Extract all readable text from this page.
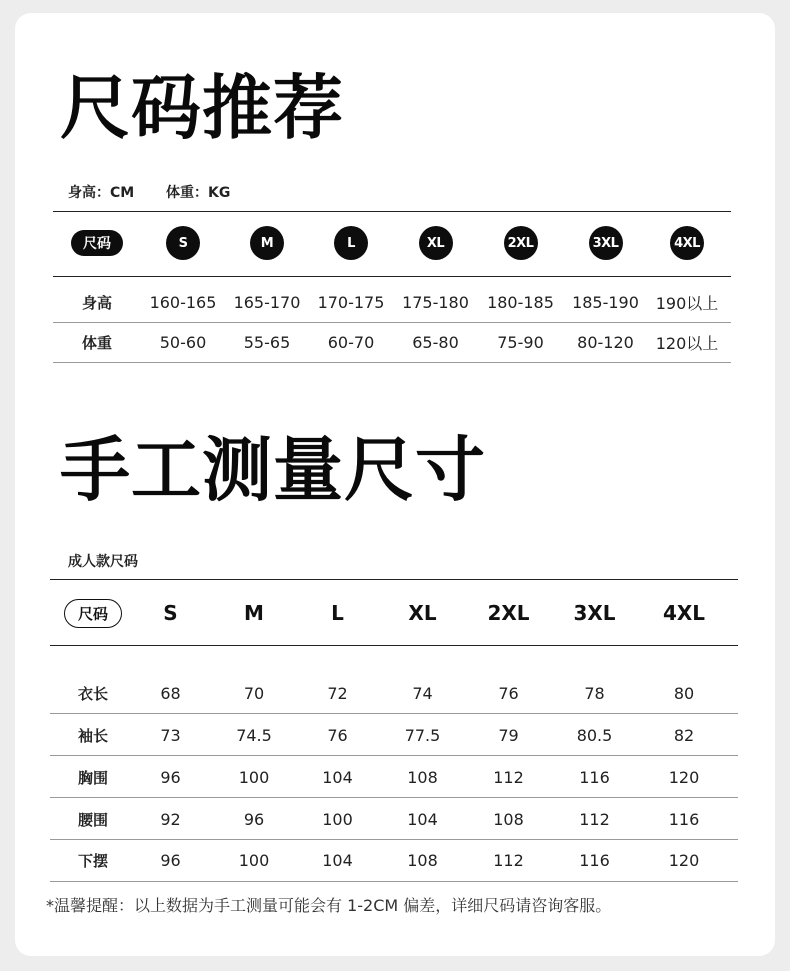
尺码推荐
身高：CM 体重：KG
尺码	S	M	L	XL	2XL	3XL	4XL
身高	160-165	165-170	170-175	175-180	180-185	185-190	190以上
体重	50-60	55-65	60-70	65-80	75-90	80-120	120以上
手工测量尺寸
成人款尺码
尺码	S	M	L	XL	2XL	3XL	4XL
衣长	68	70	72	74	76	78	80
袖长	73	74.5	76	77.5	79	80.5	82
胸围	96	100	104	108	112	116	120
腰围	92	96	100	104	108	112	116
下摆	96	100	104	108	112	116	120
*温馨提醒：以上数据为手工测量可能会有 1-2CM 偏差，详细尺码请咨询客服。
